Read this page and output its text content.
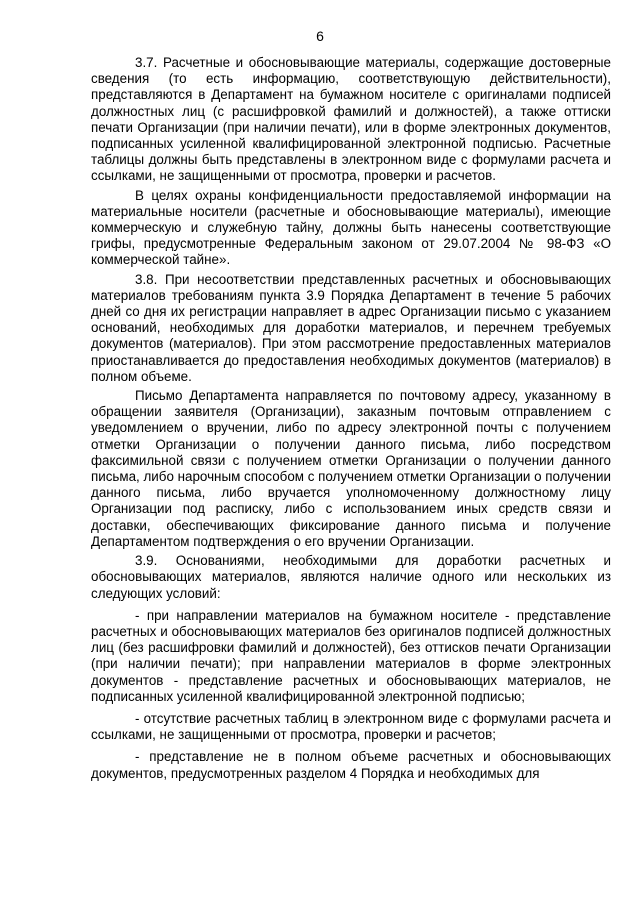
6

3.7. Расчетные и обосновывающие материалы, содержащие достоверные сведения (то есть информацию, соответствующую действительности), представляются в Департамент на бумажном носителе с оригиналами подписей должностных лиц (с расшифровкой фамилий и должностей), а также оттиски печати Организации (при наличии печати), или в форме электронных документов, подписанных усиленной квалифицированной электронной подписью. Расчетные таблицы должны быть представлены в электронном виде с формулами расчета и ссылками, не защищенными от просмотра, проверки и расчетов.

В целях охраны конфиденциальности предоставляемой информации на материальные носители (расчетные и обосновывающие материалы), имеющие коммерческую и служебную тайну, должны быть нанесены соответствующие грифы, предусмотренные Федеральным законом от 29.07.2004 № 98-ФЗ «О коммерческой тайне».

3.8. При несоответствии представленных расчетных и обосновывающих материалов требованиям пункта 3.9 Порядка Департамент в течение 5 рабочих дней со дня их регистрации направляет в адрес Организации письмо с указанием оснований, необходимых для доработки материалов, и перечнем требуемых документов (материалов). При этом рассмотрение предоставленных материалов приостанавливается до предоставления необходимых документов (материалов) в полном объеме.

Письмо Департамента направляется по почтовому адресу, указанному в обращении заявителя (Организации), заказным почтовым отправлением с уведомлением о вручении, либо по адресу электронной почты с получением отметки Организации о получении данного письма, либо посредством факсимильной связи с получением отметки Организации о получении данного письма, либо нарочным способом с получением отметки Организации о получении данного письма, либо вручается уполномоченному должностному лицу Организации под расписку, либо с использованием иных средств связи и доставки, обеспечивающих фиксирование данного письма и получение Департаментом подтверждения о его вручении Организации.

3.9. Основаниями, необходимыми для доработки расчетных и обосновывающих материалов, являются наличие одного или нескольких из следующих условий:

- при направлении материалов на бумажном носителе - представление расчетных и обосновывающих материалов без оригиналов подписей должностных лиц (без расшифровки фамилий и должностей), без оттисков печати Организации (при наличии печати); при направлении материалов в форме электронных документов - представление расчетных и обосновывающих материалов, не подписанных усиленной квалифицированной электронной подписью;

- отсутствие расчетных таблиц в электронном виде с формулами расчета и ссылками, не защищенными от просмотра, проверки и расчетов;

- представление не в полном объеме расчетных и обосновывающих документов, предусмотренных разделом 4 Порядка и необходимых для
